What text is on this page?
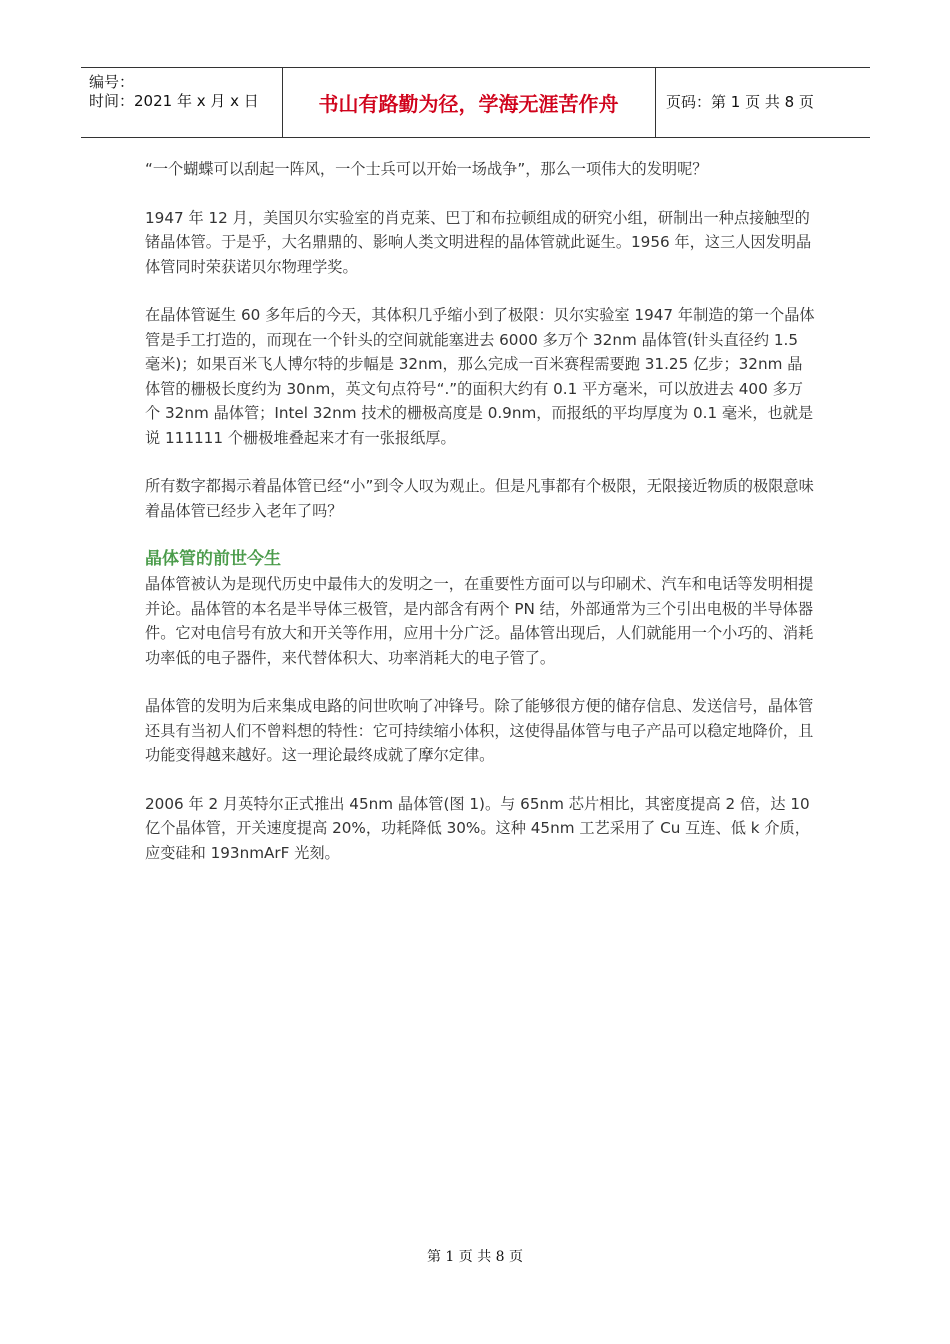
编号：
时间：2021 年 x 月 x 日	书山有路勤为径，学海无涯苦作舟	页码：第 1 页 共 8 页

“一个蝴蝶可以刮起一阵风，一个士兵可以开始一场战争”，那么一项伟大的发明呢？

1947 年 12 月，美国贝尔实验室的肖克莱、巴丁和布拉顿组成的研究小组，研制出一种点接触型的锗晶体管。于是乎，大名鼎鼎的、影响人类文明进程的晶体管就此诞生。1956 年，这三人因发明晶体管同时荣获诺贝尔物理学奖。

在晶体管诞生 60 多年后的今天，其体积几乎缩小到了极限：贝尔实验室 1947 年制造的第一个晶体管是手工打造的，而现在一个针头的空间就能塞进去 6000 多万个 32nm 晶体管(针头直径约 1.5 毫米)；如果百米飞人博尔特的步幅是 32nm，那么完成一百米赛程需要跑 31.25 亿步；32nm 晶体管的栅极长度约为 30nm，英文句点符号“.”的面积大约有 0.1 平方毫米，可以放进去 400 多万个 32nm 晶体管；Intel 32nm 技术的栅极高度是 0.9nm，而报纸的平均厚度为 0.1 毫米，也就是说 111111 个栅极堆叠起来才有一张报纸厚。

所有数字都揭示着晶体管已经“小”到令人叹为观止。但是凡事都有个极限，无限接近物质的极限意味着晶体管已经步入老年了吗？

晶体管的前世今生

晶体管被认为是现代历史中最伟大的发明之一，在重要性方面可以与印刷术、汽车和电话等发明相提并论。晶体管的本名是半导体三极管，是内部含有两个 PN 结，外部通常为三个引出电极的半导体器件。它对电信号有放大和开关等作用，应用十分广泛。晶体管出现后，人们就能用一个小巧的、消耗功率低的电子器件，来代替体积大、功率消耗大的电子管了。

晶体管的发明为后来集成电路的问世吹响了冲锋号。除了能够很方便的储存信息、发送信号，晶体管还具有当初人们不曾料想的特性：它可持续缩小体积，这使得晶体管与电子产品可以稳定地降价，且功能变得越来越好。这一理论最终成就了摩尔定律。

2006 年 2 月英特尔正式推出 45nm 晶体管(图 1)。与 65nm 芯片相比，其密度提高 2 倍，达 10 亿个晶体管，开关速度提高 20%，功耗降低 30%。这种 45nm 工艺采用了 Cu 互连、低 k 介质，应变硅和 193nmArF 光刻。

第 1 页 共 8 页
